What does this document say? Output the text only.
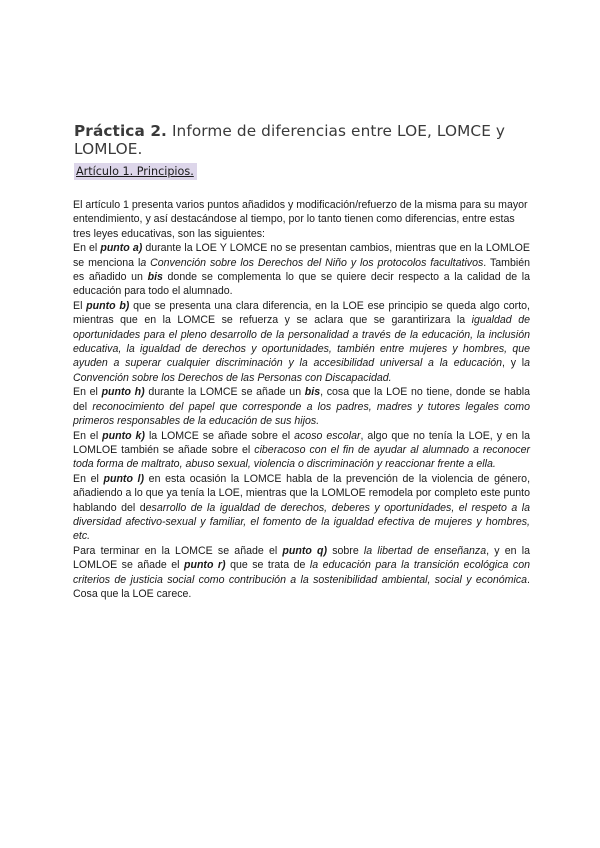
Práctica 2. Informe de diferencias entre LOE, LOMCE y LOMLOE.
Artículo 1. Principios.

El artículo 1 presenta varios puntos añadidos y modificación/refuerzo de la misma para su mayor entendimiento, y así destacándose al tiempo, por lo tanto tienen como diferencias, entre estas tres leyes educativas, son las siguientes:

En el punto a) durante la LOE Y LOMCE no se presentan cambios, mientras que en la LOMLOE se menciona la Convención sobre los Derechos del Niño y los protocolos facultativos. También es añadido un bis donde se complementa lo que se quiere decir respecto a la calidad de la educación para todo el alumnado.

El punto b) que se presenta una clara diferencia, en la LOE ese principio se queda algo corto, mientras que en la LOMCE se refuerza y se aclara que se garantirizara la igualdad de oportunidades para el pleno desarrollo de la personalidad a través de la educación, la inclusión educativa, la igualdad de derechos y oportunidades, también entre mujeres y hombres, que ayuden a superar cualquier discriminación y la accesibilidad universal a la educación, y la Convención sobre los Derechos de las Personas con Discapacidad.

En el punto h) durante la LOMCE se añade un bis, cosa que la LOE no tiene, donde se habla del reconocimiento del papel que corresponde a los padres, madres y tutores legales como primeros responsables de la educación de sus hijos.

En el punto k) la LOMCE se añade sobre el acoso escolar, algo que no tenía la LOE, y en la LOMLOE también se añade sobre el ciberacoso con el fin de ayudar al alumnado a reconocer toda forma de maltrato, abuso sexual, violencia o discriminación y reaccionar frente a ella.

En el punto l) en esta ocasión la LOMCE habla de la prevención de la violencia de género, añadiendo a lo que ya tenía la LOE, mientras que la LOMLOE remodela por completo este punto hablando del desarrollo de la igualdad de derechos, deberes y oportunidades, el respeto a la diversidad afectivo-sexual y familiar, el fomento de la igualdad efectiva de mujeres y hombres, etc.

Para terminar en la LOMCE se añade el punto q) sobre la libertad de enseñanza, y en la LOMLOE se añade el punto r) que se trata de la educación para la transición ecológica con criterios de justicia social como contribución a la sostenibilidad ambiental, social y económica. Cosa que la LOE carece.
